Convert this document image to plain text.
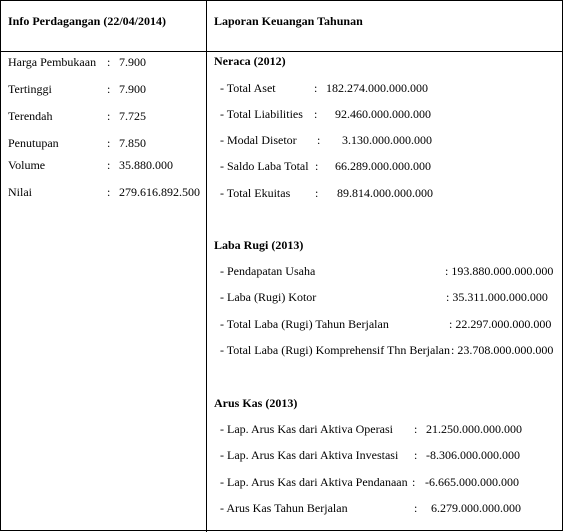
Info Perdagangan (22/04/2014)	Laporan Keuangan Tahunan
Harga Pembukaan : 7.900
Tertinggi	: 7.900
Terendah	: 7.725
Penutupan	: 7.850
Volume	: 35.880.000
Nilai	: 279.616.892.500
Neraca (2012)
- Total Aset	: 182.274.000.000.000
- Total Liabilities : 92.460.000.000.000
- Modal Disetor : 3.130.000.000.000
- Saldo Laba Total : 66.289.000.000.000
- Total Ekuitas : 89.814.000.000.000
Laba Rugi (2013)
- Pendapatan Usaha	: 193.880.000.000.000
- Laba (Rugi) Kotor	: 35.311.000.000.000
- Total Laba (Rugi) Tahun Berjalan	: 22.297.000.000.000
- Total Laba (Rugi) Komprehensif Thn Berjalan : 23.708.000.000.000
Arus Kas (2013)
- Lap. Arus Kas dari Aktiva Operasi : 21.250.000.000.000
- Lap. Arus Kas dari Aktiva Investasi : -8.306.000.000.000
- Lap. Arus Kas dari Aktiva Pendanaan : -6.665.000.000.000
- Arus Kas Tahun Berjalan	: 6.279.000.000.000
